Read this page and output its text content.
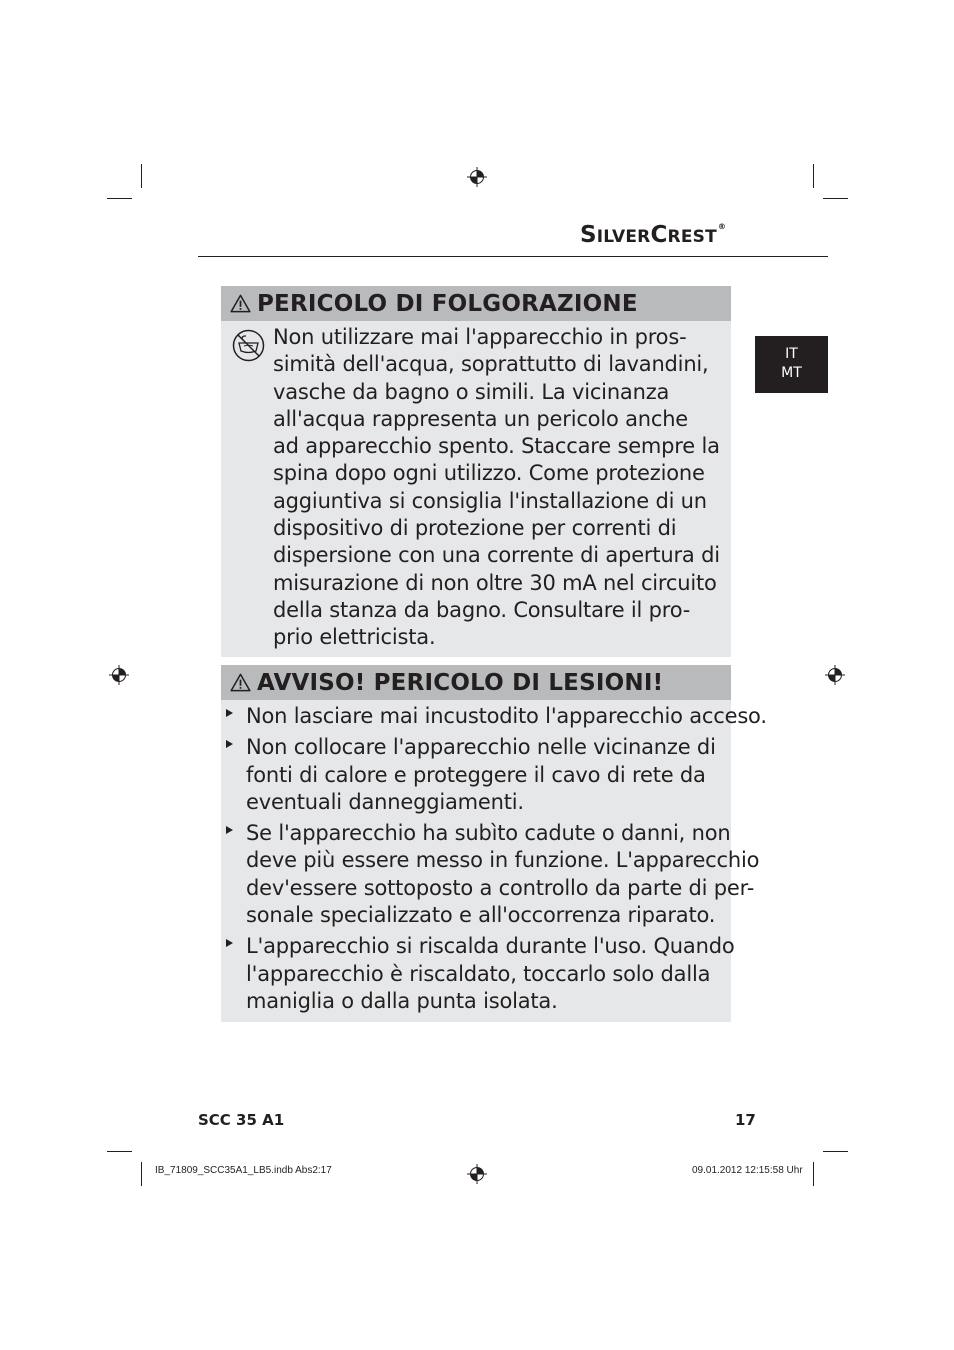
SILVERCREST®
IT
MT
PERICOLO DI FOLGORAZIONE
Non utilizzare mai l'apparecchio in pros-
simità dell'acqua, soprattutto di lavandini,
vasche da bagno o simili. La vicinanza
all'acqua rappresenta un pericolo anche
ad apparecchio spento. Staccare sempre la
spina dopo ogni utilizzo. Come protezione
aggiuntiva si consiglia l'installazione di un
dispositivo di protezione per correnti di
dispersione con una corrente di apertura di
misurazione di non oltre 30 mA nel circuito
della stanza da bagno. Consultare il pro-
prio elettricista.
AVVISO! PERICOLO DI LESIONI!
Non lasciare mai incustodito l'apparecchio acceso.
Non collocare l'apparecchio nelle vicinanze di
fonti di calore e proteggere il cavo di rete da
eventuali danneggiamenti.
Se l'apparecchio ha subìto cadute o danni, non
deve più essere messo in funzione. L'apparecchio
dev'essere sottoposto a controllo da parte di per-
sonale specializzato e all'occorrenza riparato.
L'apparecchio si riscalda durante l'uso. Quando
l'apparecchio è riscaldato, toccarlo solo dalla
maniglia o dalla punta isolata.
SCC 35 A1	17
IB_71809_SCC35A1_LB5.indb Abs2:17	09.01.2012 12:15:58 Uhr
